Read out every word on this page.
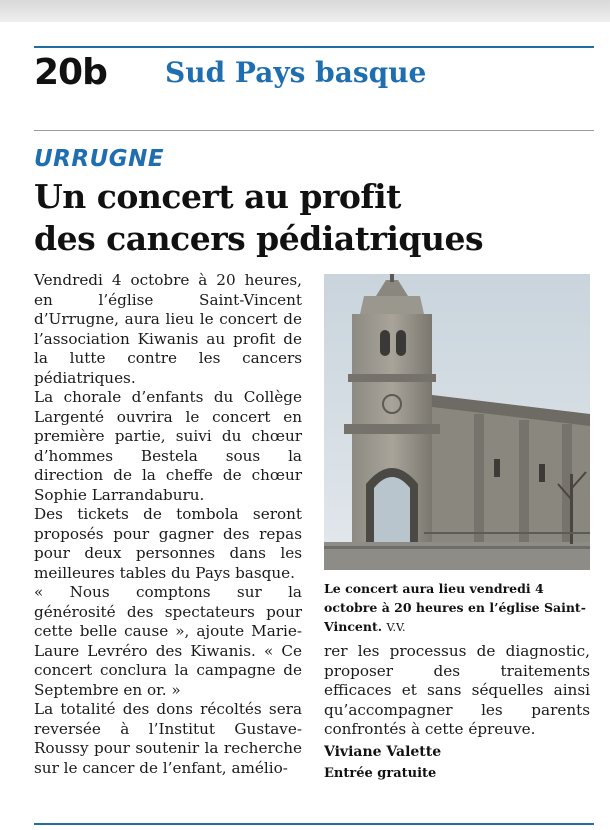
20b Sud Pays basque
URRUGNE
Un concert au profit
des cancers pédiatriques

Vendredi 4 octobre à 20 heures, en l’église Saint-Vincent d’Urrugne, aura lieu le concert de l’association Kiwanis au profit de la lutte contre les cancers pédiatriques.

La chorale d’enfants du Collège Largenté ouvrira le concert en première partie, suivi du chœur d’hommes Bestela sous la direction de la cheffe de chœur Sophie Larrandaburu.

Des tickets de tombola seront proposés pour gagner des repas pour deux personnes dans les meilleures tables du Pays basque.

« Nous comptons sur la générosité des spectateurs pour cette belle cause », ajoute Marie-Laure Levréro des Kiwanis. « Ce concert conclura la campagne de Septembre en or. »

La totalité des dons récoltés sera reversée à l’Institut Gustave-Roussy pour soutenir la recherche sur le cancer de l’enfant, amélio-

Le concert aura lieu vendredi 4 octobre à 20 heures en l’église Saint-Vincent. V.V.

rer les processus de diagnostic, proposer des traitements efficaces et sans séquelles ainsi qu’accompagner les parents confrontés à cette épreuve.

Viviane Valette
Entrée gratuite
